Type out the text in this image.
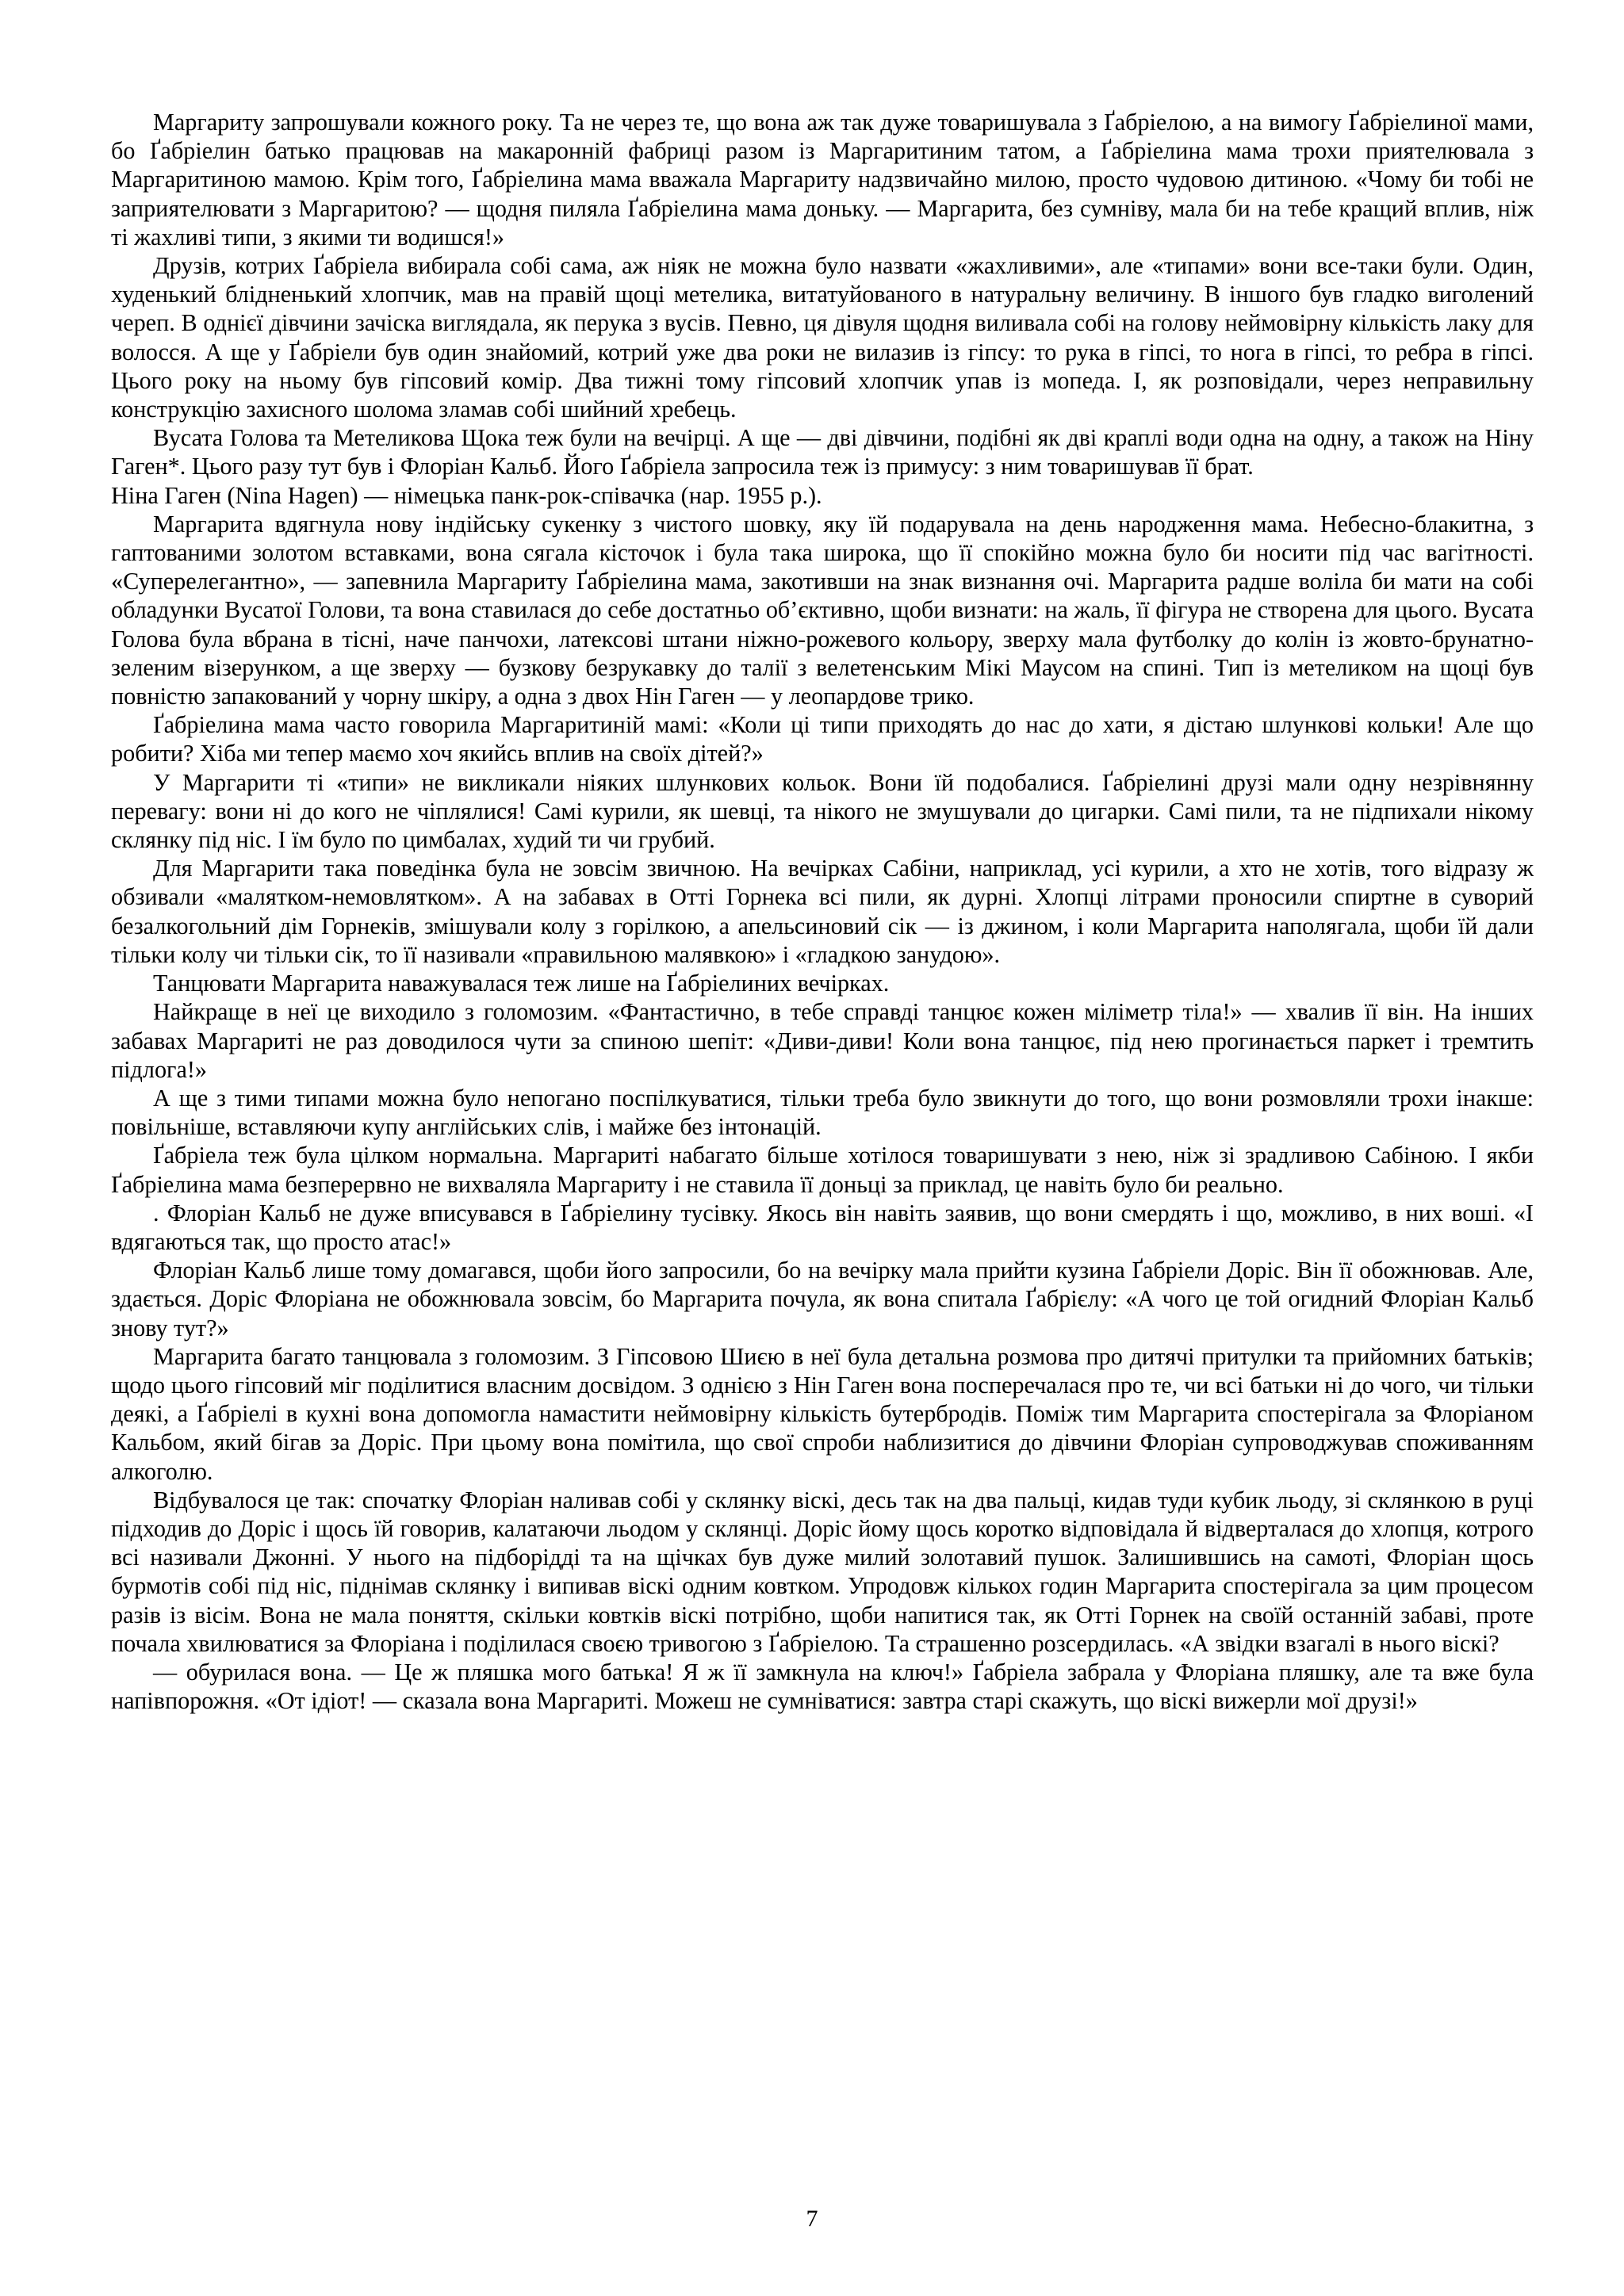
Маргариту запрошували кожного року. Та не через те, що вона аж так дуже товаришувала з Ґабріелою, а на вимогу Ґабріелиної мами, бо Ґабріелин батько працював на макаронній фабриці разом із Маргаритиним татом, а Ґабріелина мама трохи приятелювала з Маргаритиною мамою. Крім того, Ґабріелина мама вважала Маргариту надзвичайно милою, просто чудовою дитиною. «Чому би тобі не заприятелювати з Маргаритою? — щодня пиляла Ґабріелина мама доньку. — Маргарита, без сумніву, мала би на тебе кращий вплив, ніж ті жахливі типи, з якими ти водишся!»

Друзів, котрих Ґабріела вибирала собі сама, аж ніяк не можна було назвати «жахливими», але «типами» вони все-таки були. Один, худенький блідненький хлопчик, мав на правій щоці метелика, витатуйованого в натуральну величину. В іншого був гладко виголений череп. В однієї дівчини зачіска виглядала, як перука з вусів. Певно, ця дівуля щодня виливала собі на голову неймовірну кількість лаку для волосся. А ще у Ґабріели був один знайомий, котрий уже два роки не вилазив із гіпсу: то рука в гіпсі, то нога в гіпсі, то ребра в гіпсі. Цього року на ньому був гіпсовий комір. Два тижні тому гіпсовий хлопчик упав із мопеда. І, як розповідали, через неправильну конструкцію захисного шолома зламав собі шийний хребець.

Вусата Голова та Метеликова Щока теж були на вечірці. А ще — дві дівчини, подібні як дві краплі води одна на одну, а також на Ніну Гаген*. Цього разу тут був і Флоріан Кальб. Його Ґабріела запросила теж із примусу: з ним товаришував її брат.

Ніна Гаген (Nina Hagen) — німецька панк-рок-співачка (нар. 1955 р.).

Маргарита вдягнула нову індійську сукенку з чистого шовку, яку їй подарувала на день народження мама. Небесно-блакитна, з гаптованими золотом вставками, вона сягала кісточок і була така широка, що її спокійно можна було би носити під час вагітності. «Суперелегантно», — запевнила Маргариту Ґабріелина мама, закотивши на знак визнання очі. Маргарита радше воліла би мати на собі обладунки Вусатої Голови, та вона ставилася до себе достатньо об’єктивно, щоби визнати: на жаль, її фігура не створена для цього. Вусата Голова була вбрана в тісні, наче панчохи, латексові штани ніжно-рожевого кольору, зверху мала футболку до колін із жовто-брунатно-зеленим візерунком, а ще зверху — бузкову безрукавку до талії з велетенським Мікі Маусом на спині. Тип із метеликом на щоці був повністю запакований у чорну шкіру, а одна з двох Нін Гаген — у леопардове трико.

Ґабріелина мама часто говорила Маргаритиній мамі: «Коли ці типи приходять до нас до хати, я дістаю шлункові кольки! Але що робити? Хіба ми тепер маємо хоч якийсь вплив на своїх дітей?»

У Маргарити ті «типи» не викликали ніяких шлункових кольок. Вони їй подобалися. Ґабріелині друзі мали одну незрівнянну перевагу: вони ні до кого не чіплялися! Самі курили, як шевці, та нікого не змушували до цигарки. Самі пили, та не підпихали нікому склянку під ніс. І їм було по цимбалах, худий ти чи грубий.

Для Маргарити така поведінка була не зовсім звичною. На вечірках Сабіни, наприклад, усі курили, а хто не хотів, того відразу ж обзивали «малятком-немовлятком». А на забавах в Отті Горнека всі пили, як дурні. Хлопці літрами проносили спиртне в суворий безалкогольний дім Горнеків, змішували колу з горілкою, а апельсиновий сік — із джином, і коли Маргарита наполягала, щоби їй дали тільки колу чи тільки сік, то її називали «правильною малявкою» і «гладкою занудою».

Танцювати Маргарита наважувалася теж лише на Ґабріелиних вечірках.

Найкраще в неї це виходило з голомозим. «Фантастично, в тебе справді танцює кожен міліметр тіла!» — хвалив її він. На інших забавах Маргариті не раз доводилося чути за спиною шепіт: «Диви-диви! Коли вона танцює, під нею прогинається паркет і тремтить підлога!»

А ще з тими типами можна було непогано поспілкуватися, тільки треба було звикнути до того, що вони розмовляли трохи інакше: повільніше, вставляючи купу англійських слів, і майже без інтонацій.

Ґабріела теж була цілком нормальна. Маргариті набагато більше хотілося товаришувати з нею, ніж зі зрадливою Сабіною. І якби Ґабріелина мама безперервно не вихваляла Маргариту і не ставила її доньці за приклад, це навіть було би реально.

. Флоріан Кальб не дуже вписувався в Ґабріелину тусівку. Якось він навіть заявив, що вони смердять і що, можливо, в них воші. «І вдягаються так, що просто атас!»

Флоріан Кальб лише тому домагався, щоби його запросили, бо на вечірку мала прийти кузина Ґабріели Доріс. Він її обожнював. Але, здається. Доріс Флоріана не обожнювала зовсім, бо Маргарита почула, як вона спитала Ґабрієлу: «А чого це той огидний Флоріан Кальб знову тут?»

Маргарита багато танцювала з голомозим. З Гіпсовою Шиєю в неї була детальна розмова про дитячі притулки та прийомних батьків; щодо цього гіпсовий міг поділитися власним досвідом. З однією з Нін Гаген вона посперечалася про те, чи всі батьки ні до чого, чи тільки деякі, а Ґабріелі в кухні вона допомогла намастити неймовірну кількість бутербродів. Поміж тим Маргарита спостерігала за Флоріаном Кальбом, який бігав за Доріс. При цьому вона помітила, що свої спроби наблизитися до дівчини Флоріан супроводжував споживанням алкоголю.

Відбувалося це так: спочатку Флоріан наливав собі у склянку віскі, десь так на два пальці, кидав туди кубик льоду, зі склянкою в руці підходив до Доріс і щось їй говорив, калатаючи льодом у склянці. Доріс йому щось коротко відповідала й відверталася до хлопця, котрого всі називали Джонні. У нього на підборідді та на щічках був дуже милий золотавий пушок. Залишившись на самоті, Флоріан щось бурмотів собі під ніс, піднімав склянку і випивав віскі одним ковтком. Упродовж кількох годин Маргарита спостерігала за цим процесом разів із вісім. Вона не мала поняття, скільки ковтків віскі потрібно, щоби напитися так, як Отті Горнек на своїй останній забаві, проте почала хвилюватися за Флоріана і поділилася своєю тривогою з Ґабріелою. Та страшенно розсердилась. «А звідки взагалі в нього віскі?

— обурилася вона. — Це ж пляшка мого батька! Я ж її замкнула на ключ!» Ґабріела забрала у Флоріана пляшку, але та вже була напівпорожня. «От ідіот! — сказала вона Маргариті. Можеш не сумніватися: завтра старі скажуть, що віскі вижерли мої друзі!»

7
